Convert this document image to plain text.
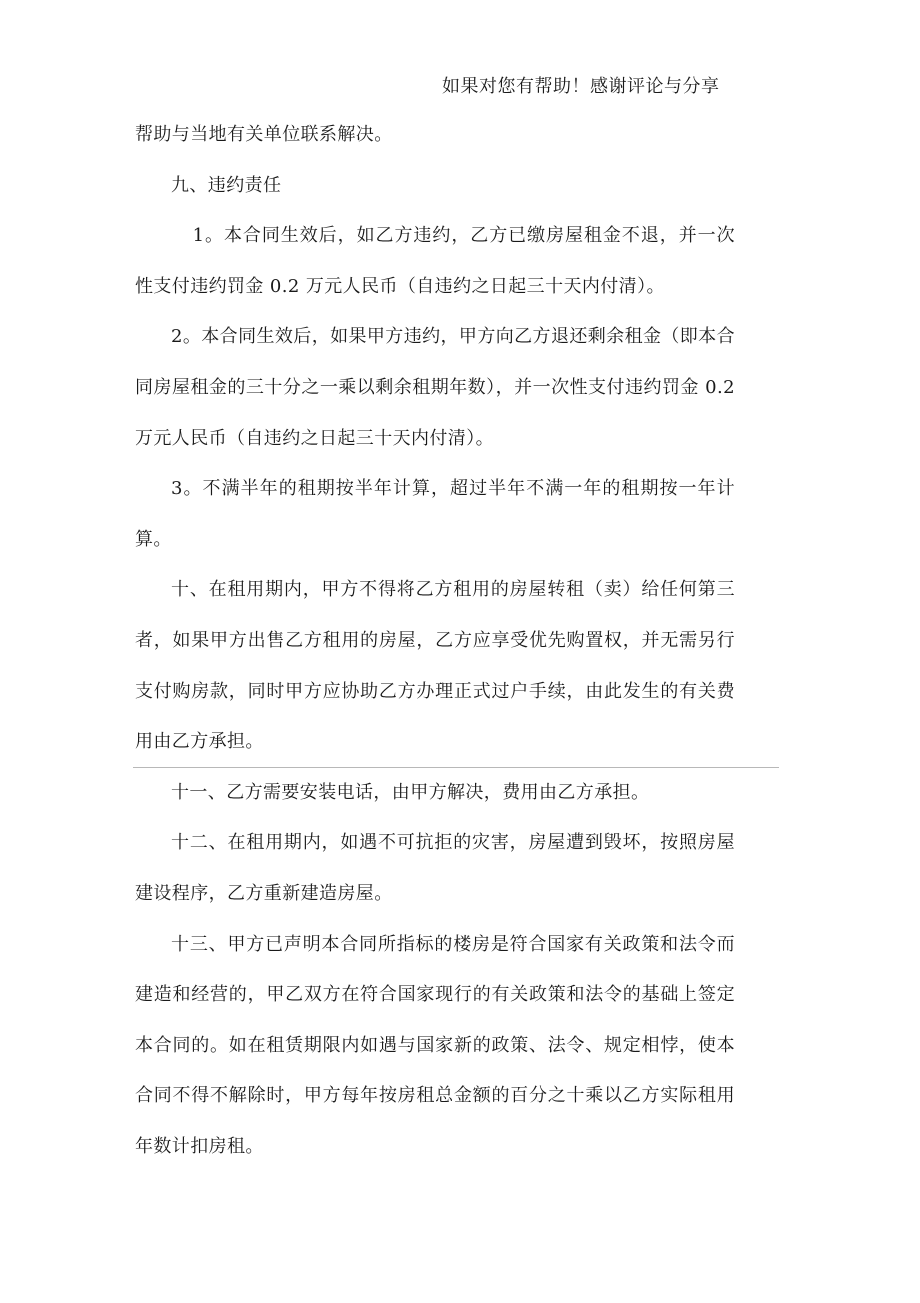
如果对您有帮助！感谢评论与分享

帮助与当地有关单位联系解决。

九、违约责任

1。本合同生效后，如乙方违约，乙方已缴房屋租金不退，并一次性支付违约罚金 0.2 万元人民币（自违约之日起三十天内付清）。

2。本合同生效后，如果甲方违约，甲方向乙方退还剩余租金（即本合同房屋租金的三十分之一乘以剩余租期年数），并一次性支付违约罚金 0.2 万元人民币（自违约之日起三十天内付清）。

3。不满半年的租期按半年计算，超过半年不满一年的租期按一年计算。

十、在租用期内，甲方不得将乙方租用的房屋转租（卖）给任何第三者，如果甲方出售乙方租用的房屋，乙方应享受优先购置权，并无需另行支付购房款，同时甲方应协助乙方办理正式过户手续，由此发生的有关费用由乙方承担。

十一、乙方需要安装电话，由甲方解决，费用由乙方承担。

十二、在租用期内，如遇不可抗拒的灾害，房屋遭到毁坏，按照房屋建设程序，乙方重新建造房屋。

十三、甲方已声明本合同所指标的楼房是符合国家有关政策和法令而建造和经营的，甲乙双方在符合国家现行的有关政策和法令的基础上签定本合同的。如在租赁期限内如遇与国家新的政策、法令、规定相悖，使本合同不得不解除时，甲方每年按房租总金额的百分之十乘以乙方实际租用年数计扣房租。
